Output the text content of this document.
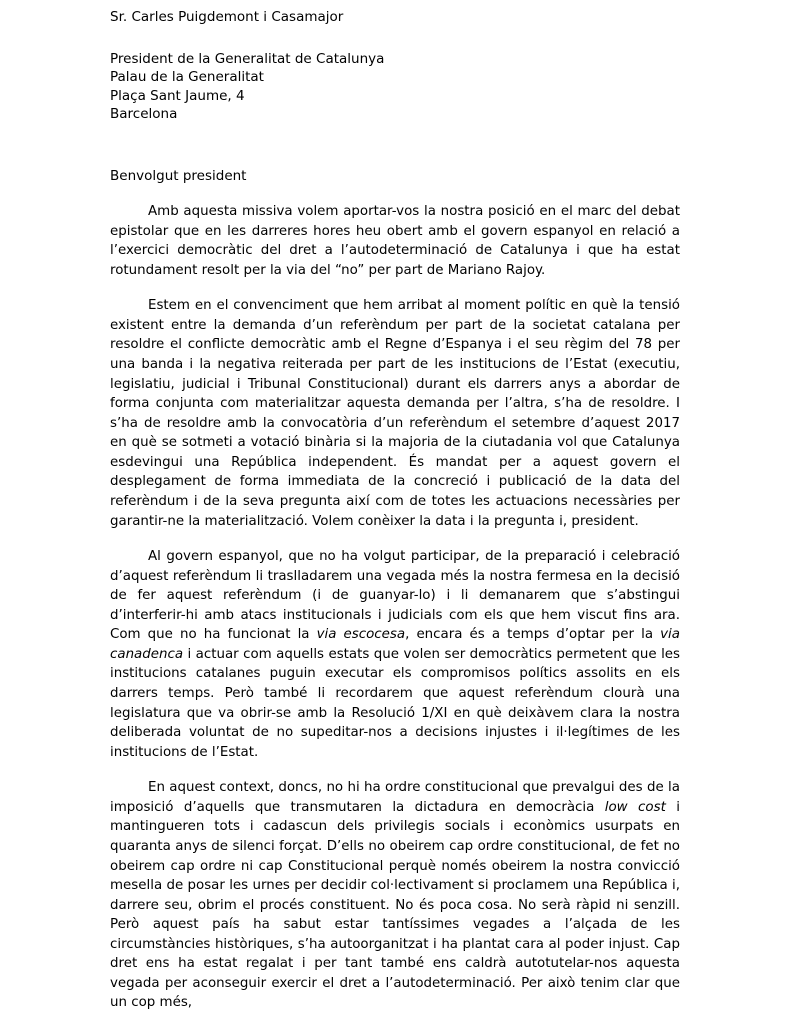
Sr. Carles Puigdemont i Casamajor
President de la Generalitat de Catalunya
Palau de la Generalitat
Plaça Sant Jaume, 4
Barcelona
Benvolgut president
Amb aquesta missiva volem aportar-vos la nostra posició en el marc del debat epistolar que en les darreres hores heu obert amb el govern espanyol en relació a l’exercici democràtic del dret a l’autodeterminació de Catalunya i que ha estat rotundament resolt per la via del “no” per part de Mariano Rajoy.
Estem en el convenciment que hem arribat al moment polític en què la tensió existent entre la demanda d’un referèndum per part de la societat catalana per resoldre el conflicte democràtic amb el Regne d’Espanya i el seu règim del 78 per una banda i la negativa reiterada per part de les institucions de l’Estat (executiu, legislatiu, judicial i Tribunal Constitucional) durant els darrers anys a abordar de forma conjunta com materialitzar aquesta demanda per l’altra, s’ha de resoldre. I s’ha de resoldre amb la convocatòria d’un referèndum el setembre d’aquest 2017 en què se sotmeti a votació binària si la majoria de la ciutadania vol que Catalunya esdevingui una República independent. És mandat per a aquest govern el desplegament de forma immediata de la concreció i publicació de la data del referèndum i de la seva pregunta així com de totes les actuacions necessàries per garantir-ne la materialització. Volem conèixer la data i la pregunta i, president.
Al govern espanyol, que no ha volgut participar, de la preparació i celebració d’aquest referèndum li traslladarem una vegada més la nostra fermesa en la decisió de fer aquest referèndum (i de guanyar-lo) i li demanarem que s’abstingui d’interferir-hi amb atacs institucionals i judicials com els que hem viscut fins ara. Com que no ha funcionat la via escocesa, encara és a temps d’optar per la via canadenca i actuar com aquells estats que volen ser democràtics permetent que les institucions catalanes puguin executar els compromisos polítics assolits en els darrers temps. Però també li recordarem que aquest referèndum clourà una legislatura que va obrir-se amb la Resolució 1/XI en què deixàvem clara la nostra deliberada voluntat de no supeditar-nos a decisions injustes i il·legítimes de les institucions de l’Estat.
En aquest context, doncs, no hi ha ordre constitucional que prevalgui des de la imposició d’aquells que transmutaren la dictadura en democràcia low cost i mantingueren tots i cadascun dels privilegis socials i econòmics usurpats en quaranta anys de silenci forçat. D’ells no obeirem cap ordre constitucional, de fet no obeirem cap ordre ni cap Constitucional perquè només obeirem la nostra convicció mesella de posar les urnes per decidir col·lectivament si proclamem una República i, darrere seu, obrim el procés constituent. No és poca cosa. No serà ràpid ni senzill. Però aquest país ha sabut estar tantíssimes vegades a l’alçada de les circumstàncies històriques, s’ha autoorganitzat i ha plantat cara al poder injust. Cap dret ens ha estat regalat i per tant també ens caldrà autotutelar-nos aquesta vegada per aconseguir exercir el dret a l’autodeterminació. Per això tenim clar que un cop més,
